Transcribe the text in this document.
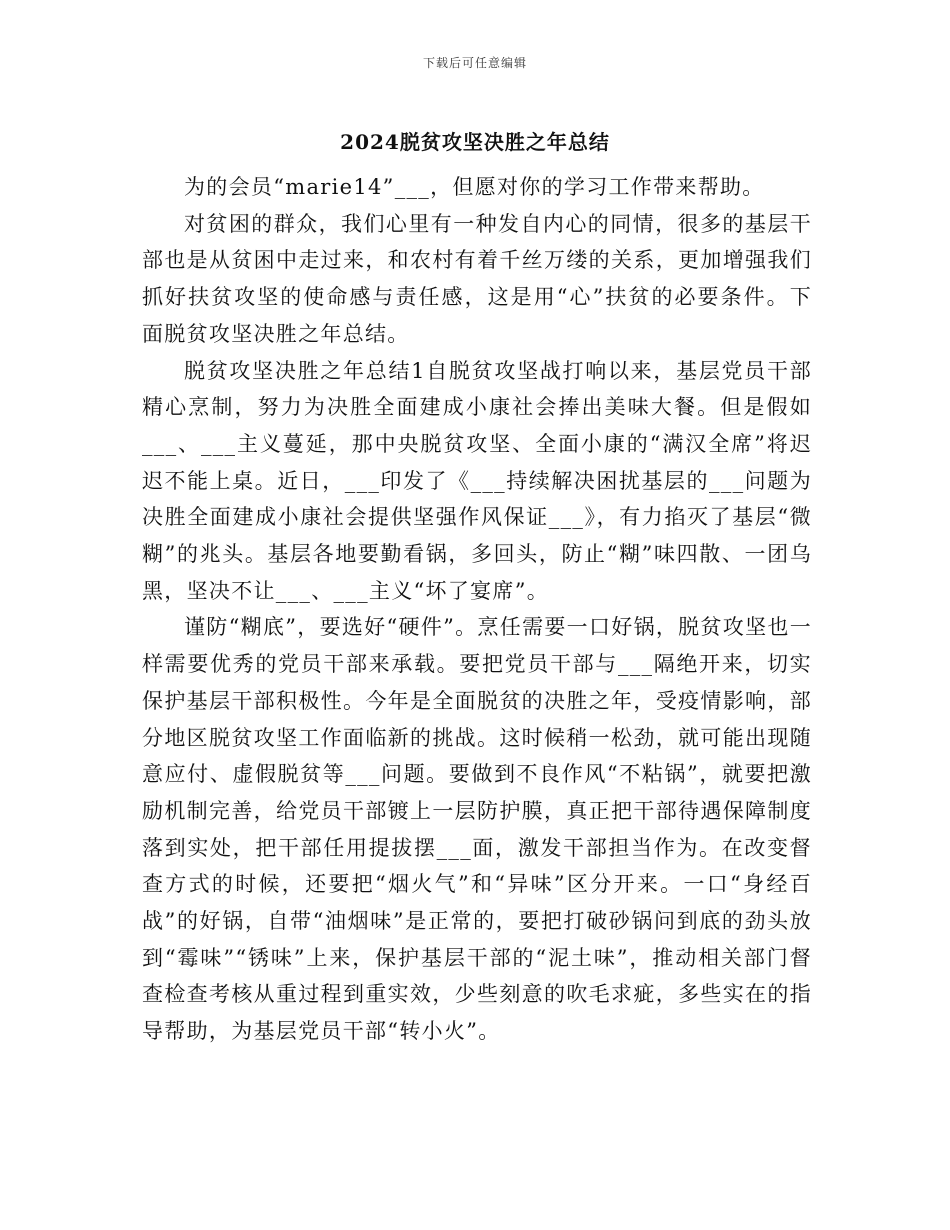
下载后可任意编辑
2024脱贫攻坚决胜之年总结

为的会员“marie14”___，但愿对你的学习工作带来帮助。

对贫困的群众，我们心里有一种发自内心的同情，很多的基层干部也是从贫困中走过来，和农村有着千丝万缕的关系，更加增强我们抓好扶贫攻坚的使命感与责任感，这是用“心”扶贫的必要条件。下面脱贫攻坚决胜之年总结。

脱贫攻坚决胜之年总结1自脱贫攻坚战打响以来，基层党员干部精心烹制，努力为决胜全面建成小康社会捧出美味大餐。但是假如___、___主义蔓延，那中央脱贫攻坚、全面小康的“满汉全席”将迟迟不能上桌。近日，___印发了《___持续解决困扰基层的___问题为决胜全面建成小康社会提供坚强作风保证___》，有力掐灭了基层“微糊”的兆头。基层各地要勤看锅，多回头，防止“糊”味四散、一团乌黑，坚决不让___、___主义“坏了宴席”。

谨防“糊底”，要选好“硬件”。烹任需要一口好锅，脱贫攻坚也一样需要优秀的党员干部来承载。要把党员干部与___隔绝开来，切实保护基层干部积极性。今年是全面脱贫的决胜之年，受疫情影响，部分地区脱贫攻坚工作面临新的挑战。这时候稍一松劲，就可能出现随意应付、虚假脱贫等___问题。要做到不良作风“不粘锅”，就要把激励机制完善，给党员干部镀上一层防护膜，真正把干部待遇保障制度落到实处，把干部任用提拔摆___面，激发干部担当作为。在改变督查方式的时候，还要把“烟火气”和“异味”区分开来。一口“身经百战”的好锅，自带“油烟味”是正常的，要把打破砂锅问到底的劲头放到“霉味”“锈味”上来，保护基层干部的“泥土味”，推动相关部门督查检查考核从重过程到重实效，少些刻意的吹毛求疵，多些实在的指导帮助，为基层党员干部“转小火”。
